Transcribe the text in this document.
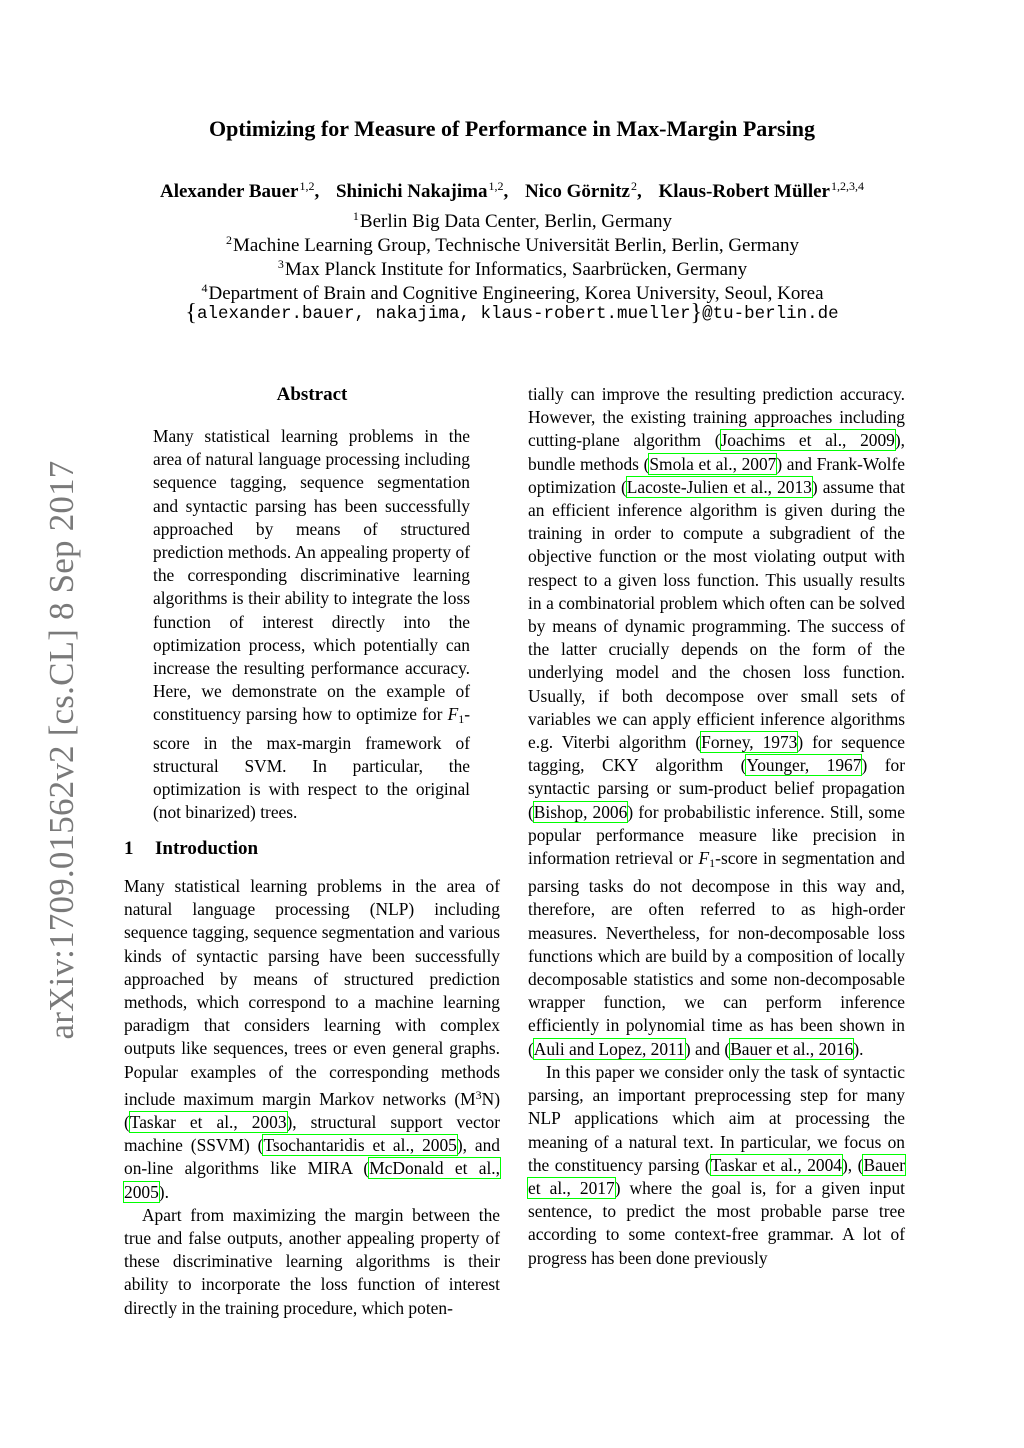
arXiv:1709.01562v2 [cs.CL] 8 Sep 2017
Optimizing for Measure of Performance in Max-Margin Parsing
Alexander Bauer$^{1,2}$, Shinichi Nakajima$^{1,2}$, Nico Görnitz$^2$, Klaus-Robert Müller$^{1,2,3,4}$
$^1$Berlin Big Data Center, Berlin, Germany
$^2$Machine Learning Group, Technische Universität Berlin, Berlin, Germany
$^3$Max Planck Institute for Informatics, Saarbrücken, Germany
$^4$Department of Brain and Cognitive Engineering, Korea University, Seoul, Korea
{alexander.bauer, nakajima, klaus-robert.mueller}@tu-berlin.de
Abstract
Many statistical learning problems in the area of natural language processing including sequence tagging, sequence segmentation and syntactic parsing has been successfully approached by means of structured prediction methods. An appealing property of the corresponding discriminative learning algorithms is their ability to integrate the loss function of interest directly into the optimization process, which potentially can increase the resulting performance accuracy. Here, we demonstrate on the example of constituency parsing how to optimize for $F_1$-score in the max-margin framework of structural SVM. In particular, the optimization is with respect to the original (not binarized) trees.
1 Introduction

Many statistical learning problems in the area of natural language processing (NLP) including sequence tagging, sequence segmentation and various kinds of syntactic parsing have been successfully approached by means of structured prediction methods, which correspond to a machine learning paradigm that considers learning with complex outputs like sequences, trees or even general graphs. Popular examples of the corresponding methods include maximum margin Markov networks $(M^3N)$ (Taskar et al., 2003), structural support vector machine (SSVM) (Tsochantaridis et al., 2005), and on-line algorithms like MIRA (McDonald et al., 2005).

Apart from maximizing the margin between the true and false outputs, another appealing property of these discriminative learning algorithms is their ability to incorporate the loss function of interest directly in the training procedure, which poten-

tially can improve the resulting prediction accuracy. However, the existing training approaches including cutting-plane algorithm (Joachims et al., 2009), bundle methods (Smola et al., 2007) and Frank-Wolfe optimization (Lacoste-Julien et al., 2013) assume that an efficient inference algorithm is given during the training in order to compute a subgradient of the objective function or the most violating output with respect to a given loss function. This usually results in a combinatorial problem which often can be solved by means of dynamic programming. The success of the latter crucially depends on the form of the underlying model and the chosen loss function. Usually, if both decompose over small sets of variables we can apply efficient inference algorithms e.g. Viterbi algorithm (Forney, 1973) for sequence tagging, CKY algorithm (Younger, 1967) for syntactic parsing or sum-product belief propagation (Bishop, 2006) for probabilistic inference. Still, some popular performance measure like precision in information retrieval or $F_1$-score in segmentation and parsing tasks do not decompose in this way and, therefore, are often referred to as high-order measures. Nevertheless, for non-decomposable loss functions which are build by a composition of locally decomposable statistics and some non-decomposable wrapper function, we can perform inference efficiently in polynomial time as has been shown in (Auli and Lopez, 2011) and (Bauer et al., 2016).

In this paper we consider only the task of syntactic parsing, an important preprocessing step for many NLP applications which aim at processing the meaning of a natural text. In particular, we focus on the constituency parsing (Taskar et al., 2004), (Bauer et al., 2017) where the goal is, for a given input sentence, to predict the most probable parse tree according to some context-free grammar. A lot of progress has been done previously
